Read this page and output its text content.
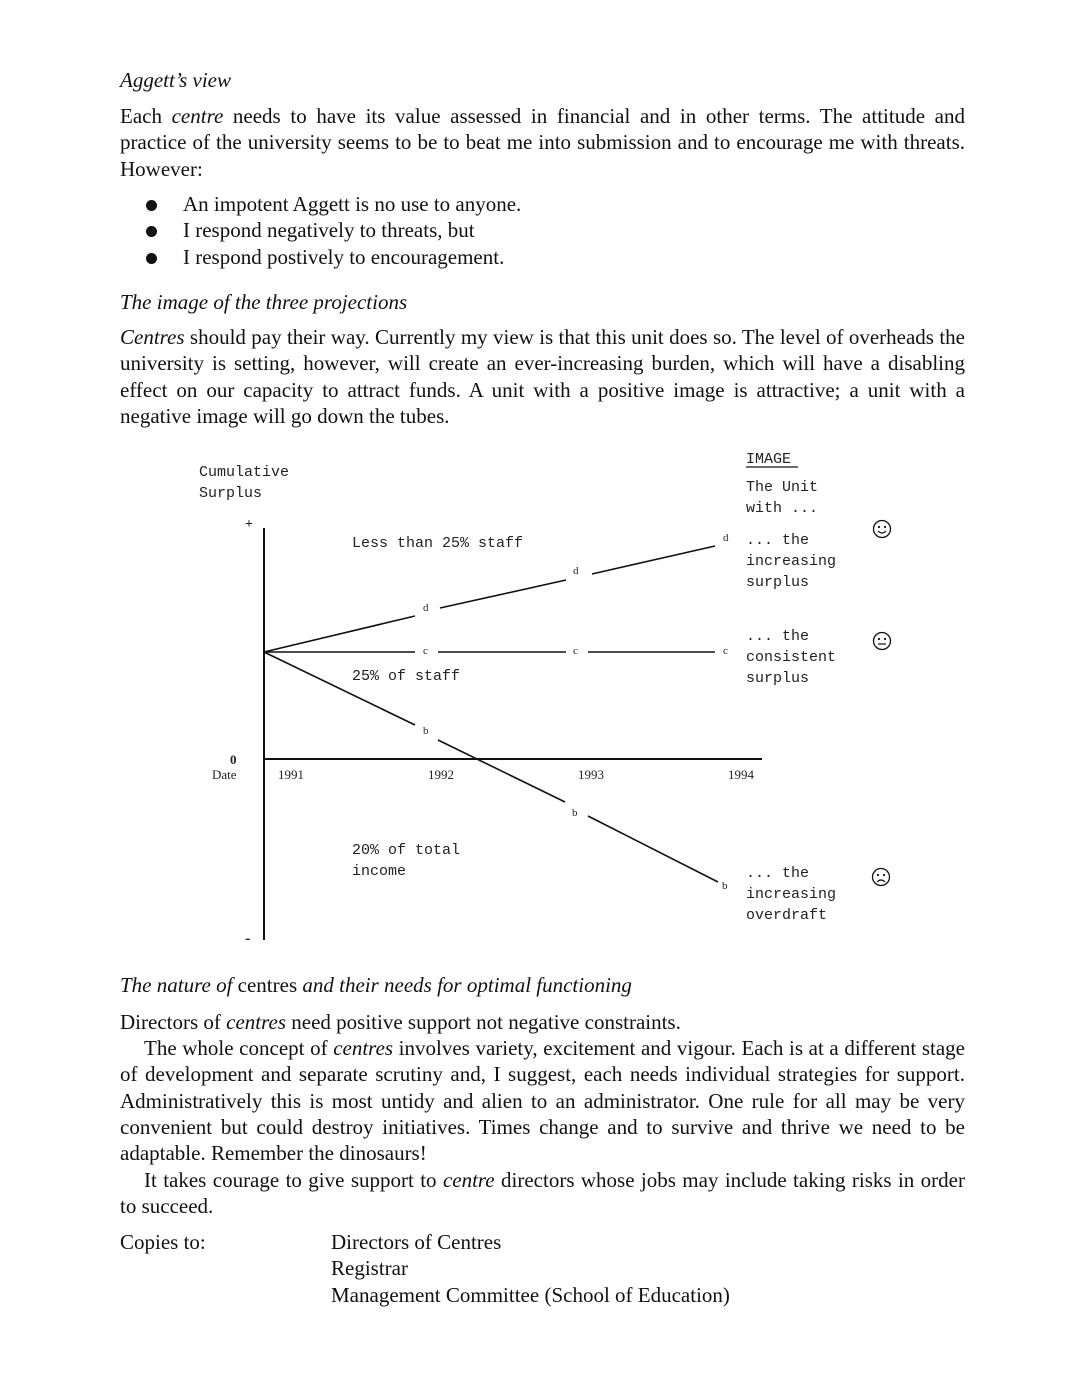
Aggett’s view

Each centre needs to have its value assessed in financial and in other terms. The attitude and practice of the university seems to be to beat me into submission and to encourage me with threats. However:

An impotent Aggett is no use to anyone.
I respond negatively to threats, but
I respond postively to encouragement.
The image of the three projections

Centres should pay their way. Currently my view is that this unit does so. The level of overheads the university is setting, however, will create an ever-increasing burden, which will have a disabling effect on our capacity to attract funds. A unit with a positive image is attractive; a unit with a negative image will go down the tubes.

Cumulative
Surplus
+
-
0
Date	1991	1992	1993	1994
d
d
d
c	c	c
b
b
b
Less than 25% staff
25% of staff
20% of total
income
IMAGE
The Unit
with ...
... the
increasing
surplus
... the
consistent
surplus
... the
increasing
overdraft
The nature of centres and their needs for optimal functioning

Directors of centres need positive support not negative constraints.

The whole concept of centres involves variety, excitement and vigour. Each is at a different stage of development and separate scrutiny and, I suggest, each needs individual strategies for support. Administratively this is most untidy and alien to an administrator. One rule for all may be very convenient but could destroy initiatives. Times change and to survive and thrive we need to be adaptable. Remember the dinosaurs!

It takes courage to give support to centre directors whose jobs may include taking risks in order to succeed.

Copies to:	Directors of Centres
Registrar
Management Committee (School of Education)
